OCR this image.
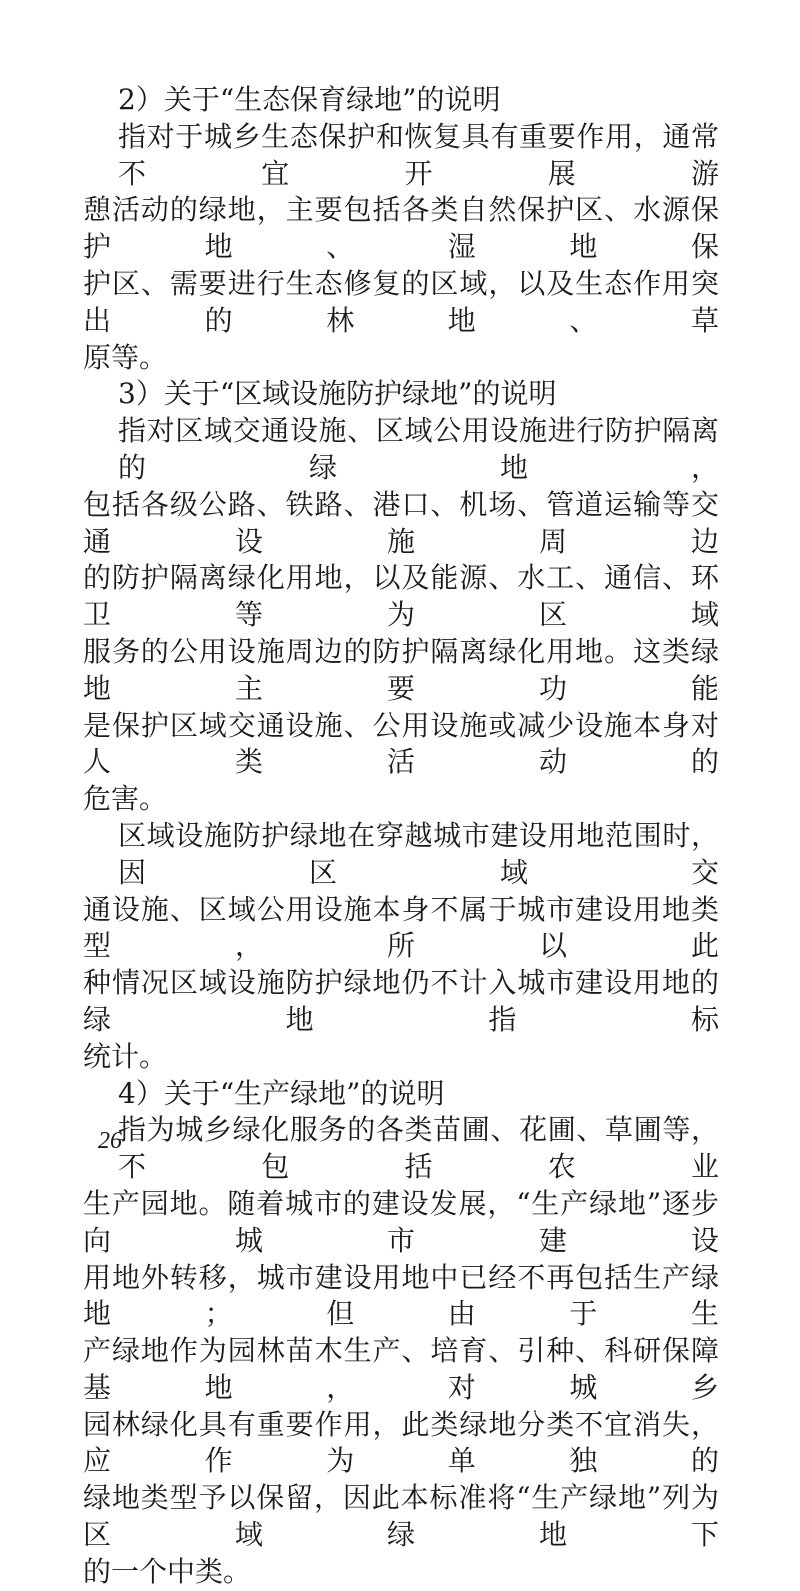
2）关于“生态保育绿地”的说明
指对于城乡生态保护和恢复具有重要作用，通常不宜开展游
憩活动的绿地，主要包括各类自然保护区、水源保护地、湿地保
护区、需要进行生态修复的区域，以及生态作用突出的林地、草
原等。
3）关于“区域设施防护绿地”的说明
指对区域交通设施、区域公用设施进行防护隔离的绿地，
包括各级公路、铁路、港口、机场、管道运输等交通设施周边
的防护隔离绿化用地，以及能源、水工、通信、环卫等为区域
服务的公用设施周边的防护隔离绿化用地。这类绿地主要功能
是保护区域交通设施、公用设施或减少设施本身对人类活动的
危害。
区域设施防护绿地在穿越城市建设用地范围时，因区域交
通设施、区域公用设施本身不属于城市建设用地类型，所以此
种情况区域设施防护绿地仍不计入城市建设用地的绿地指标
统计。
4）关于“生产绿地”的说明
指为城乡绿化服务的各类苗圃、花圃、草圃等，不包括农业
生产园地。随着城市的建设发展，“生产绿地”逐步向城市建设
用地外转移，城市建设用地中已经不再包括生产绿地；但由于生
产绿地作为园林苗木生产、培育、引种、科研保障基地，对城乡
园林绿化具有重要作用，此类绿地分类不宜消失，应作为单独的
绿地类型予以保留，因此本标准将“生产绿地”列为区域绿地下
的一个中类。
26
